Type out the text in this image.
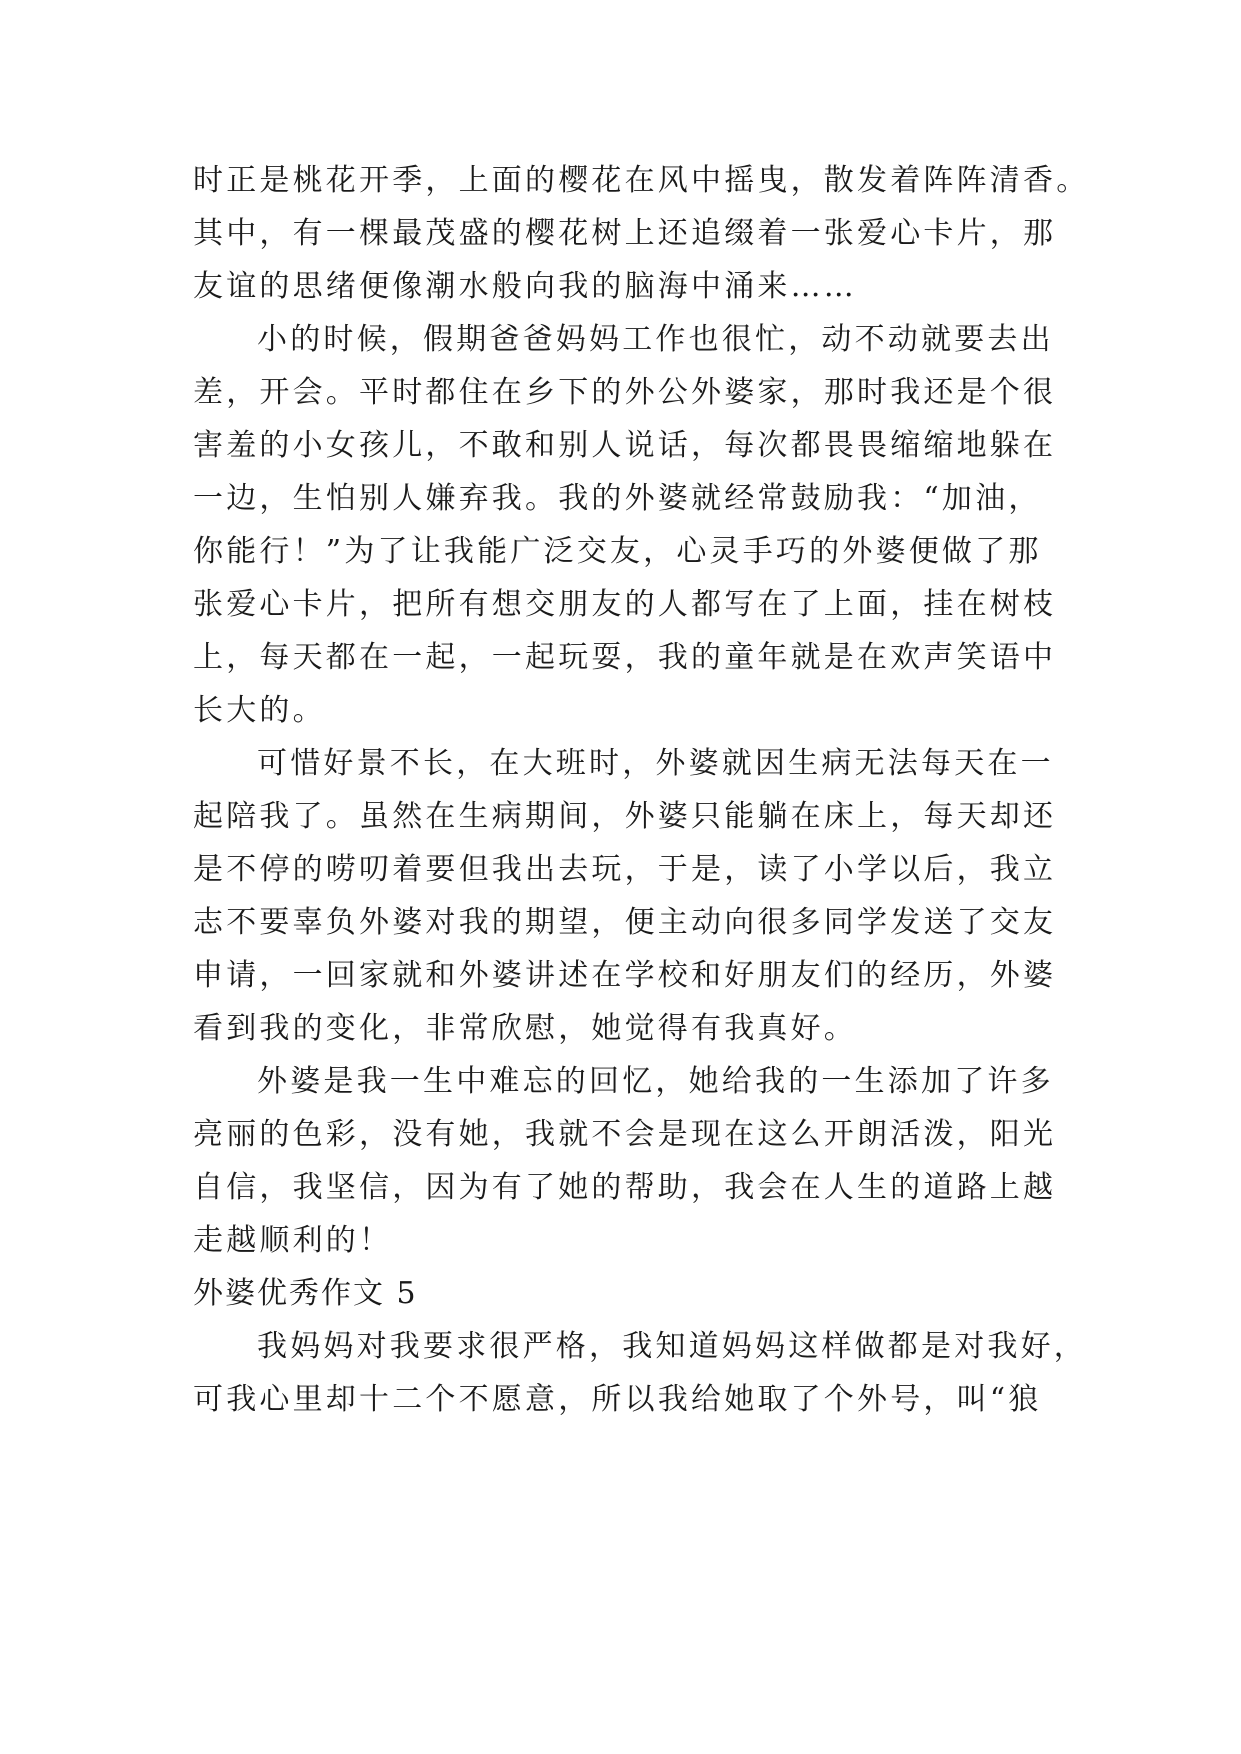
时正是桃花开季，上面的樱花在风中摇曳，散发着阵阵清香。
其中，有一棵最茂盛的樱花树上还追缀着一张爱心卡片，那
友谊的思绪便像潮水般向我的脑海中涌来……
小的时候，假期爸爸妈妈工作也很忙，动不动就要去出
差，开会。平时都住在乡下的外公外婆家，那时我还是个很
害羞的小女孩儿，不敢和别人说话，每次都畏畏缩缩地躲在
一边，生怕别人嫌弃我。我的外婆就经常鼓励我：“加油，
你能行！”为了让我能广泛交友，心灵手巧的外婆便做了那
张爱心卡片，把所有想交朋友的人都写在了上面，挂在树枝
上，每天都在一起，一起玩耍，我的童年就是在欢声笑语中
长大的。
可惜好景不长，在大班时，外婆就因生病无法每天在一
起陪我了。虽然在生病期间，外婆只能躺在床上，每天却还
是不停的唠叨着要但我出去玩，于是，读了小学以后，我立
志不要辜负外婆对我的期望，便主动向很多同学发送了交友
申请，一回家就和外婆讲述在学校和好朋友们的经历，外婆
看到我的变化，非常欣慰，她觉得有我真好。
外婆是我一生中难忘的回忆，她给我的一生添加了许多
亮丽的色彩，没有她，我就不会是现在这么开朗活泼，阳光
自信，我坚信，因为有了她的帮助，我会在人生的道路上越
走越顺利的！
外婆优秀作文 5
我妈妈对我要求很严格，我知道妈妈这样做都是对我好，
可我心里却十二个不愿意，所以我给她取了个外号，叫“狼
